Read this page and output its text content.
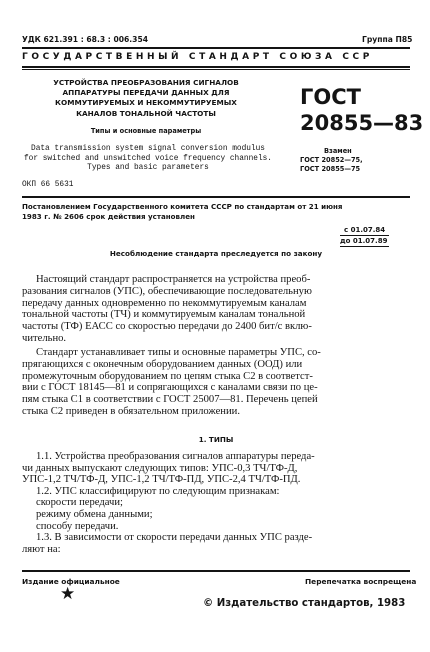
УДК 621.391 : 68.3 : 006.354	Группа П85
ГОСУДАРСТВЕННЫЙ СТАНДАРТ СОЮЗА ССР
УСТРОЙСТВА ПРЕОБРАЗОВАНИЯ СИГНАЛОВ
АППАРАТУРЫ ПЕРЕДАЧИ ДАННЫХ ДЛЯ
КОММУТИРУЕМЫХ И НЕКОММУТИРУЕМЫХ
КАНАЛОВ ТОНАЛЬНОЙ ЧАСТОТЫ
Типы и основные параметры
Data transmission system signal conversion modulus
for switched and unswitched voice frequency channels.
Types and basic parameters
ОКП 66 5631
ГОСТ
20855—83
Взамен
ГОСТ 20852—75,
ГОСТ 20855—75
Постановлением Государственного комитета СССР по стандартам от 21 июня
1983 г. № 2606 срок действия установлен
с 01.07.84
до 01.07.89
Несоблюдение стандарта преследуется по закону

Настоящий стандарт распространяется на устройства преоб-

разования сигналов (УПС), обеспечивающие последовательную

передачу данных одновременно по некоммутируемым каналам

тональной частоты (ТЧ) и коммутируемым каналам тональной

частоты (ТФ) ЕАСС со скоростью передачи до 2400 бит/с вклю-

чительно.

Стандарт устанавливает типы и основные параметры УПС, со-

прягающихся с оконечным оборудованием данных (ООД) или

промежуточным оборудованием по цепям стыка С2 в соответст-

вии с ГОСТ 18145—81 и сопрягающихся с каналами связи по це-

пям стыка С1 в соответствии с ГОСТ 25007—81. Перечень цепей

стыка С2 приведен в обязательном приложении.

1. ТИПЫ
1.1. Устройства преобразования сигналов аппаратуры переда-
чи данных выпускают следующих типов: УПС-0,3 ТЧ/ТФ-Д,
УПС-1,2 ТЧ/ТФ-Д, УПС-1,2 ТЧ/ТФ-ПД, УПС-2,4 ТЧ/ТФ-ПД.
1.2. УПС классифицируют по следующим признакам:
скорости передачи;
режиму обмена данными;
способу передачи.
1.3. В зависимости от скорости передачи данных УПС разде-
ляют на:
Издание официальное	Перепечатка воспрещена
★
© Издательство стандартов, 1983
